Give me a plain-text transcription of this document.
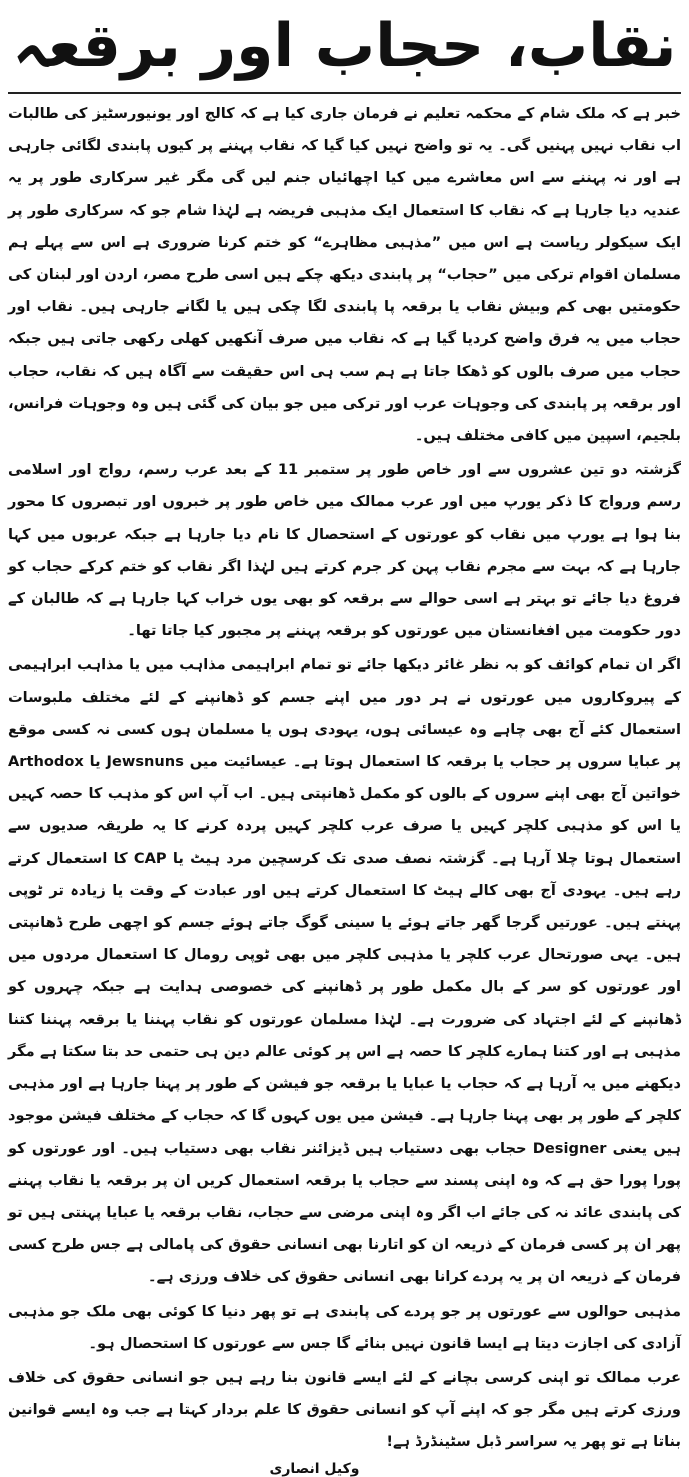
نقاب، حجاب اور برقعہ

خبر ہے کہ ملک شام کے محکمہ تعلیم نے فرمان جاری کیا ہے کہ کالج اور یونیورسٹیز کی طالبات اب نقاب نہیں پہنیں گی۔ یہ تو واضح نہیں کیا گیا کہ نقاب پہننے پر کیوں پابندی لگائی جارہی ہے اور نہ پہننے سے اس معاشرے میں کیا اچھائیاں جنم لیں گی مگر غیر سرکاری طور پر یہ عندیہ دیا جارہا ہے کہ نقاب کا استعمال ایک مذہبی فریضہ ہے لہٰذا شام جو کہ سرکاری طور پر ایک سیکولر ریاست ہے اس میں ”مذہبی مظاہرے“ کو ختم کرنا ضروری ہے اس سے پہلے ہم مسلمان اقوام ترکی میں ”حجاب“ پر پابندی دیکھ چکے ہیں اسی طرح مصر، اردن اور لبنان کی حکومتیں بھی کم وبیش نقاب یا برقعہ پا پابندی لگا چکی ہیں یا لگانے جارہی ہیں۔ نقاب اور حجاب میں یہ فرق واضح کردیا گیا ہے کہ نقاب میں صرف آنکھیں کھلی رکھی جاتی ہیں جبکہ حجاب میں صرف بالوں کو ڈھکا جاتا ہے ہم سب ہی اس حقیقت سے آگاہ ہیں کہ نقاب، حجاب اور برقعہ پر پابندی کی وجوہات عرب اور ترکی میں جو بیان کی گئی ہیں وہ وجوہات فرانس، بلجیم، اسپین میں کافی مختلف ہیں۔

گزشتہ دو تین عشروں سے اور خاص طور پر ستمبر 11 کے بعد عرب رسم، رواج اور اسلامی رسم ورواج کا ذکر یورپ میں اور عرب ممالک میں خاص طور پر خبروں اور تبصروں کا محور بنا ہوا ہے یورپ میں نقاب کو عورتوں کے استحصال کا نام دیا جارہا ہے جبکہ عربوں میں کہا جارہا ہے کہ بہت سے مجرم نقاب پہن کر جرم کرتے ہیں لہٰذا اگر نقاب کو ختم کرکے حجاب کو فروغ دیا جائے تو بہتر ہے اسی حوالے سے برقعہ کو بھی یوں خراب کہا جارہا ہے کہ طالبان کے دور حکومت میں افغانستان میں عورتوں کو برقعہ پہننے پر مجبور کیا جاتا تھا۔

اگر ان تمام کوائف کو بہ نظر غائر دیکھا جائے تو تمام ابراہیمی مذاہب میں یا مذاہب ابراہیمی کے پیروکاروں میں عورتوں نے ہر دور میں اپنے جسم کو ڈھانپنے کے لئے مختلف ملبوسات استعمال کئے آج بھی چاہے وہ عیسائی ہوں، یہودی ہوں یا مسلمان ہوں کسی نہ کسی موقع پر عبایا سروں پر حجاب یا برقعہ کا استعمال ہوتا ہے۔ عیسائیت میں Jewsnuns یا Arthodox خواتین آج بھی اپنے سروں کے بالوں کو مکمل ڈھانپتی ہیں۔ اب آپ اس کو مذہب کا حصہ کہیں یا اس کو مذہبی کلچر کہیں یا صرف عرب کلچر کہیں پردہ کرنے کا یہ طریقہ صدیوں سے استعمال ہوتا چلا آرہا ہے۔ گزشتہ نصف صدی تک کرسچین مرد ہیٹ یا CAP کا استعمال کرتے رہے ہیں۔ یہودی آج بھی کالے ہیٹ کا استعمال کرتے ہیں اور عبادت کے وقت یا زیادہ تر ٹوپی پہنتے ہیں۔ عورتیں گرجا گھر جاتے ہوئے یا سینی گوگ جاتے ہوئے جسم کو اچھی طرح ڈھانپتی ہیں۔ یہی صورتحال عرب کلچر یا مذہبی کلچر میں بھی ٹوپی رومال کا استعمال مردوں میں اور عورتوں کو سر کے بال مکمل طور پر ڈھانپنے کی خصوصی ہدایت ہے جبکہ چہروں کو ڈھانپنے کے لئے اجتہاد کی ضرورت ہے۔ لہٰذا مسلمان عورتوں کو نقاب پہننا یا برقعہ پہننا کتنا مذہبی ہے اور کتنا ہمارے کلچر کا حصہ ہے اس پر کوئی عالم دین ہی حتمی حد بتا سکتا ہے مگر دیکھنے میں یہ آرہا ہے کہ حجاب یا عبایا یا برقعہ جو فیشن کے طور پر پہنا جارہا ہے اور مذہبی کلچر کے طور پر بھی پہنا جارہا ہے۔ فیشن میں یوں کہوں گا کہ حجاب کے مختلف فیشن موجود ہیں یعنی Designer حجاب بھی دستیاب ہیں ڈیزائنر نقاب بھی دستیاب ہیں۔ اور عورتوں کو پورا پورا حق ہے کہ وہ اپنی پسند سے حجاب یا برقعہ استعمال کریں ان پر برقعہ یا نقاب پہننے کی پابندی عائد نہ کی جائے اب اگر وہ اپنی مرضی سے حجاب، نقاب برقعہ یا عبایا پہنتی ہیں تو پھر ان پر کسی فرمان کے ذریعہ ان کو اتارنا بھی انسانی حقوق کی پامالی ہے جس طرح کسی فرمان کے ذریعہ ان پر یہ پردے کرانا بھی انسانی حقوق کی خلاف ورزی ہے۔

مذہبی حوالوں سے عورتوں پر جو پردے کی پابندی ہے تو پھر دنیا کا کوئی بھی ملک جو مذہبی آزادی کی اجازت دیتا ہے ایسا قانون نہیں بنائے گا جس سے عورتوں کا استحصال ہو۔

عرب ممالک تو اپنی کرسی بچانے کے لئے ایسے قانون بنا رہے ہیں جو انسانی حقوق کی خلاف ورزی کرتے ہیں مگر جو کہ اپنے آپ کو انسانی حقوق کا علم بردار کہتا ہے جب وہ ایسے قوانین بناتا ہے تو پھر یہ سراسر ڈبل سٹینڈرڈ ہے!

وکیل انصاری
